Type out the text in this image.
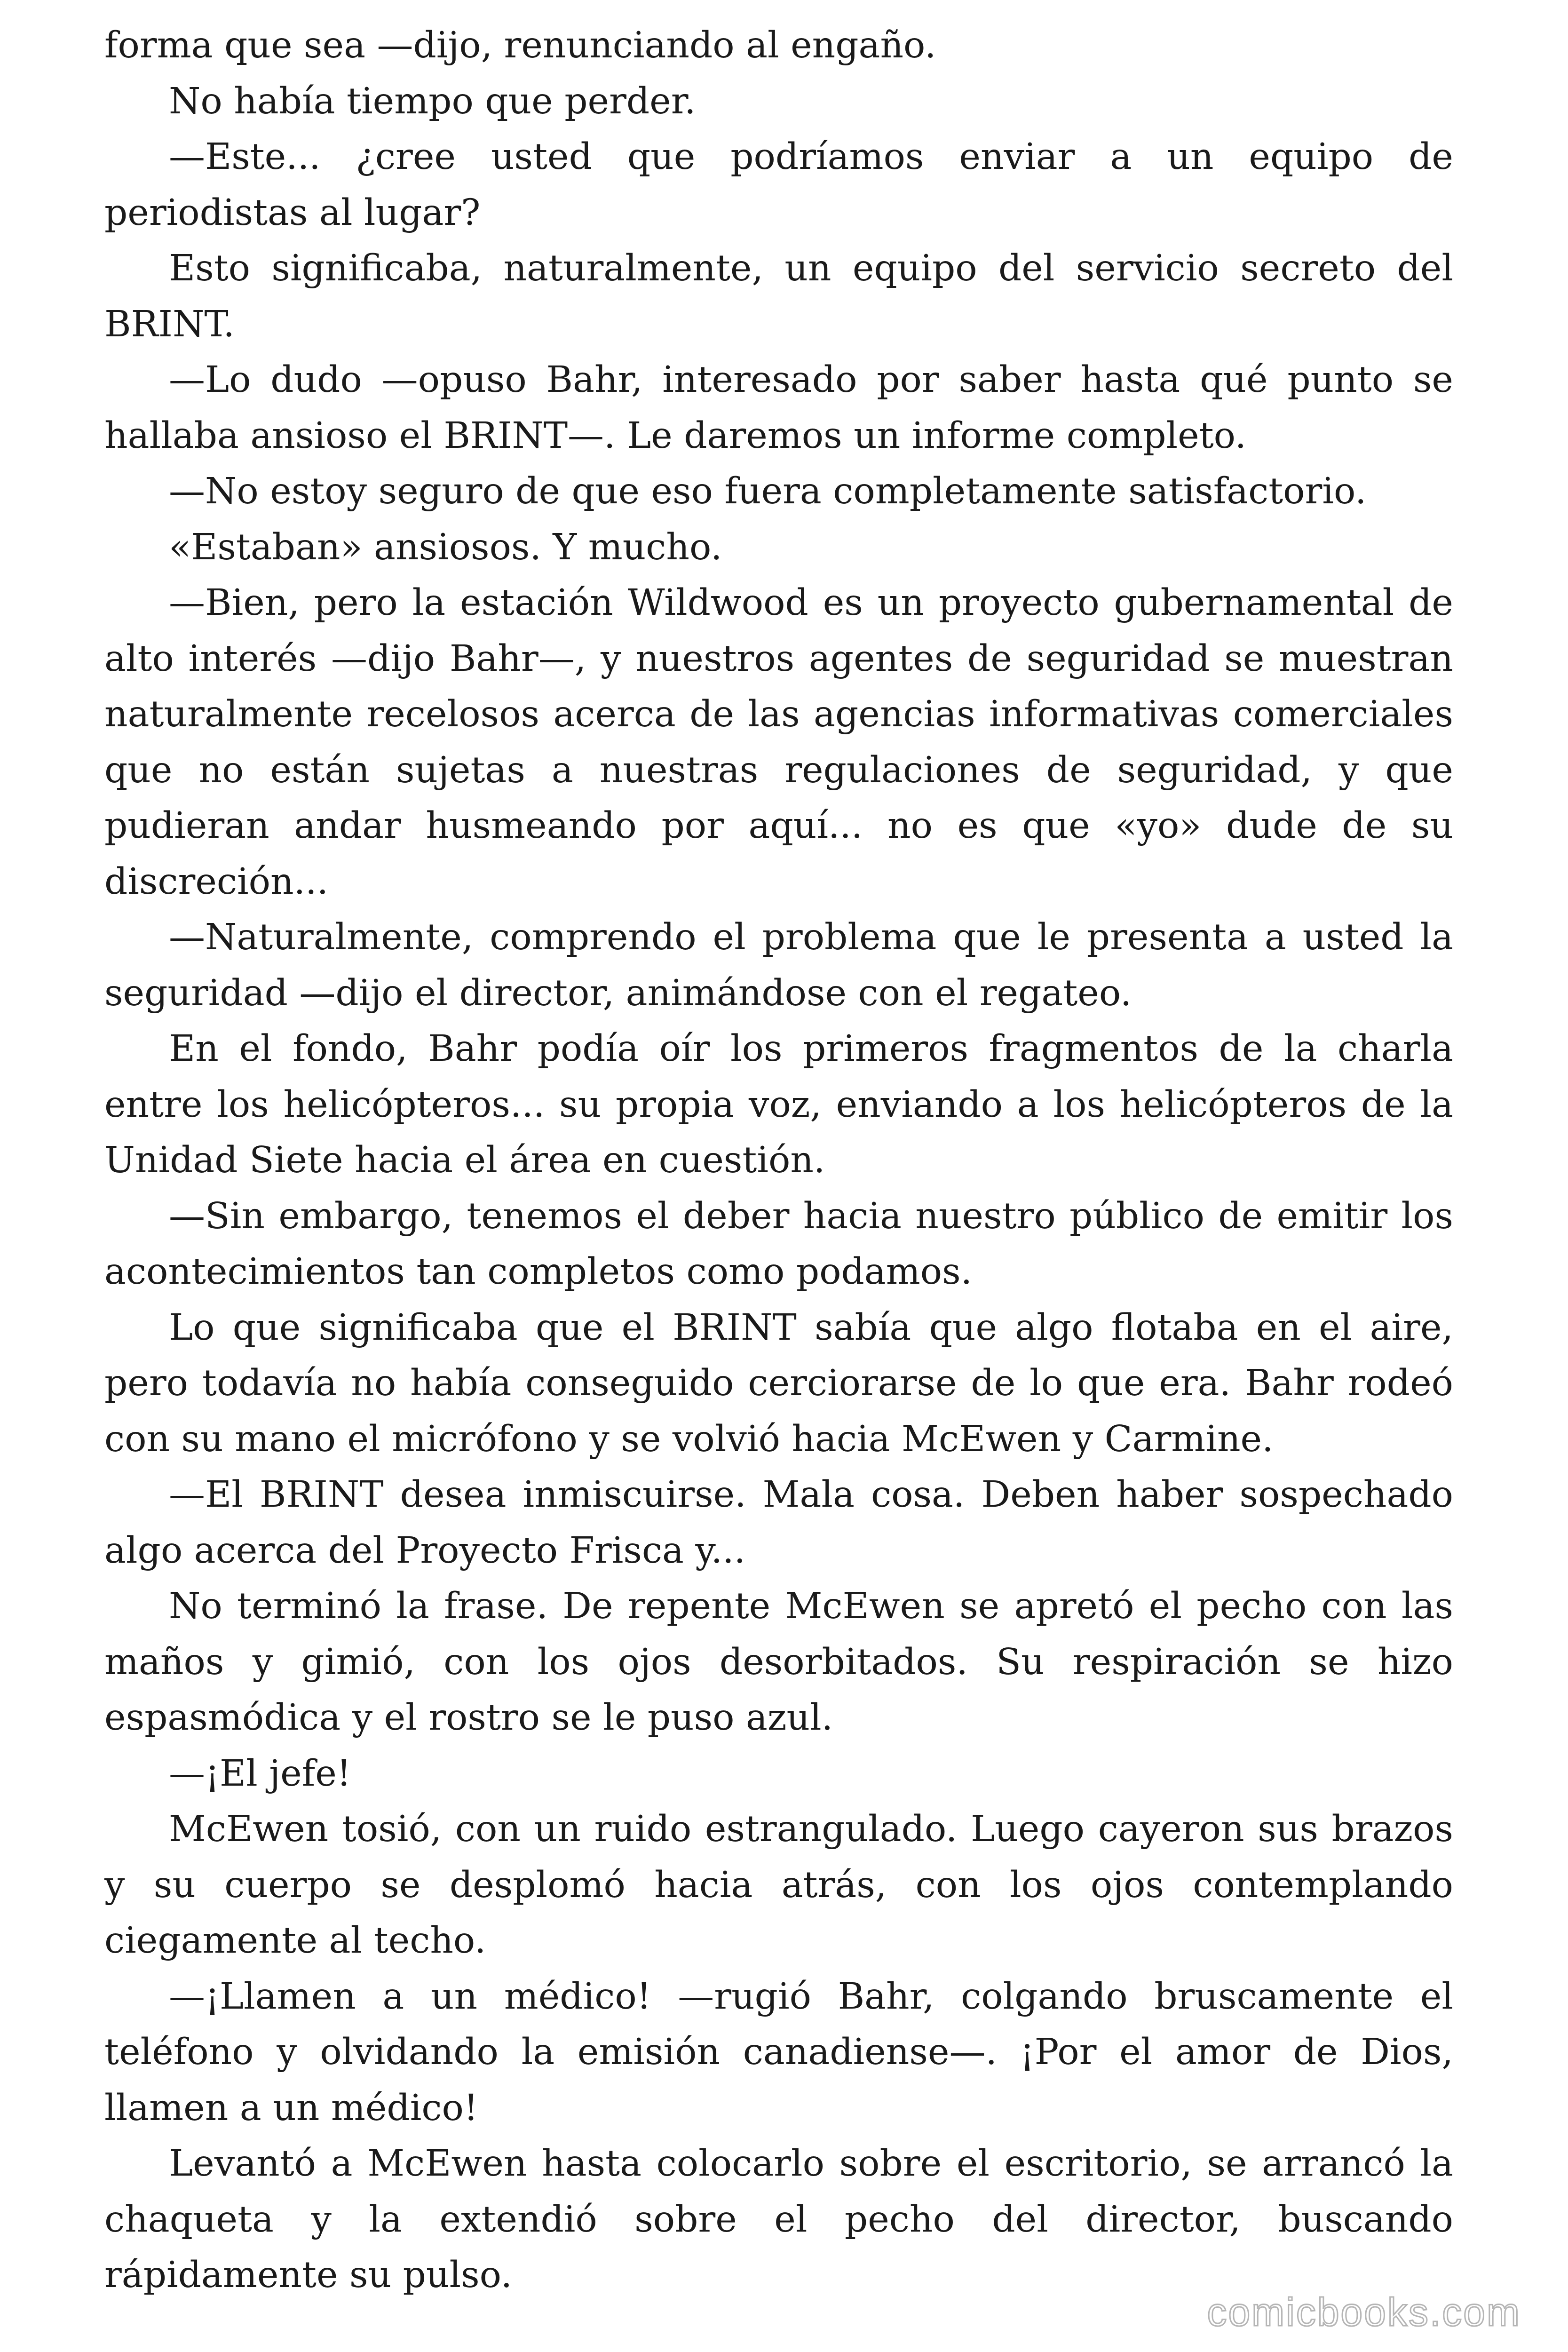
forma que sea —dijo, renunciando al engaño.

No había tiempo que perder.

—Este... ¿cree usted que podríamos enviar a un equipo de periodistas al lugar?

Esto significaba, naturalmente, un equipo del servicio secreto del BRINT.

—Lo dudo —opuso Bahr, interesado por saber hasta qué punto se hallaba ansioso el BRINT—. Le daremos un informe completo.

—No estoy seguro de que eso fuera completamente satisfactorio.

«Estaban» ansiosos. Y mucho.

—Bien, pero la estación Wildwood es un proyecto gubernamental de alto interés —dijo Bahr—, y nuestros agentes de seguridad se muestran naturalmente recelosos acerca de las agencias informativas comerciales que no están sujetas a nuestras regulaciones de seguridad, y que pudieran andar husmeando por aquí... no es que «yo» dude de su discreción...

—Naturalmente, comprendo el problema que le presenta a usted la seguridad —dijo el director, animándose con el regateo.

En el fondo, Bahr podía oír los primeros fragmentos de la charla entre los helicópteros... su propia voz, enviando a los helicópteros de la Unidad Siete hacia el área en cuestión.

—Sin embargo, tenemos el deber hacia nuestro público de emitir los acontecimientos tan completos como podamos.

Lo que significaba que el BRINT sabía que algo flotaba en el aire, pero todavía no había conseguido cerciorarse de lo que era. Bahr rodeó con su mano el micrófono y se volvió hacia McEwen y Carmine.

—El BRINT desea inmiscuirse. Mala cosa. Deben haber sospechado algo acerca del Proyecto Frisca y...

No terminó la frase. De repente McEwen se apretó el pecho con las maños y gimió, con los ojos desorbitados. Su respiración se hizo espasmódica y el rostro se le puso azul.

—¡El jefe!

McEwen tosió, con un ruido estrangulado. Luego cayeron sus brazos y su cuerpo se desplomó hacia atrás, con los ojos contemplando ciegamente al techo.

—¡Llamen a un médico! —rugió Bahr, colgando bruscamente el teléfono y olvidando la emisión canadiense—. ¡Por el amor de Dios, llamen a un médico!

Levantó a McEwen hasta colocarlo sobre el escritorio, se arrancó la chaqueta y la extendió sobre el pecho del director, buscando rápidamente su pulso.

comicbooks.com
